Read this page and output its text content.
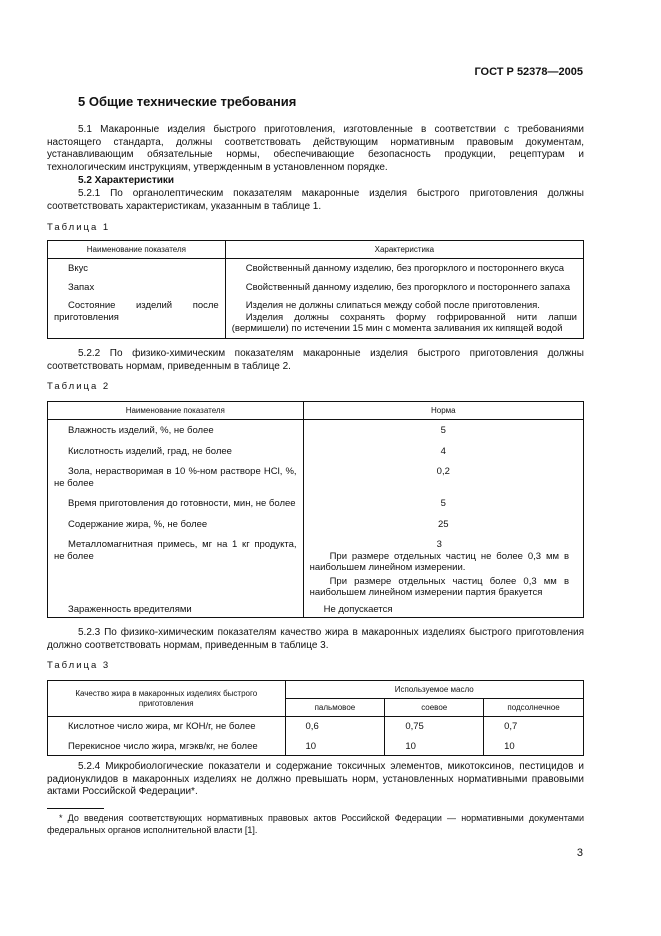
ГОСТ Р 52378—2005
5 Общие технические требования

5.1 Макаронные изделия быстрого приготовления, изготовленные в соответствии с требованиями настоящего стандарта, должны соответствовать действующим нормативным правовым документам, устанавливающим обязательные нормы, обеспечивающие безопасность продукции, рецептурам и технологическим инструкциям, утвержденным в установленном порядке.

5.2 Характеристики

5.2.1 По органолептическим показателям макаронные изделия быстрого приготовления должны соответствовать характеристикам, указанным в таблице 1.

Таблица 1
Наименование показателя	Характеристика

Вкус	Свойственный данному изделию, без прогорклого и постороннего вкуса

Запах	Свойственный данному изделию, без прогорклого и постороннего запаха

Состояние изделий после приготовления	Изделия не должны слипаться между собой после приготовления.
Изделия должны сохранять форму гофрированной нити лапши (вермишели) по истечении 15 мин с момента заливания их кипящей водой

5.2.2 По физико-химическим показателям макаронные изделия быстрого приготовления должны соответствовать нормам, приведенным в таблице 2.

Таблица 2
Наименование показателя	Норма

Влажность изделий, %, не более	5

Кислотность изделий, град, не более	4

Зола, нерастворимая в 10 %-ном растворе HCl, %, не более	0,2

Время приготовления до готовности, мин, не более	5

Содержание жира, %, не более	25

Металломагнитная примесь, мг на 1 кг продукта, не более	3
При размере отдельных частиц не более 0,3 мм в наибольшем линейном измерении.
При размере отдельных частиц более 0,3 мм в наибольшем линейном измерении партия бракуется

Зараженность вредителями	Не допускается

5.2.3 По физико-химическим показателям качество жира в макаронных изделиях быстрого приготовления должно соответствовать нормам, приведенным в таблице 3.

Таблица 3
Качество жира в макаронных изделиях быстрого приготовления	Используемое масло		
	пальмовое	соевое	подсолнечное

Кислотное число жира, мг КОН/г, не более	0,6	0,75	0,7

Перекисное число жира, мгэкв/кг, не более	10	10	10

5.2.4 Микробиологические показатели и содержание токсичных элементов, микотоксинов, пестицидов и радионуклидов в макаронных изделиях не должно превышать норм, установленных нормативными правовыми актами Российской Федерации*.

* До введения соответствующих нормативных правовых актов Российской Федерации — нормативными документами федеральных органов исполнительной власти [1].

3
